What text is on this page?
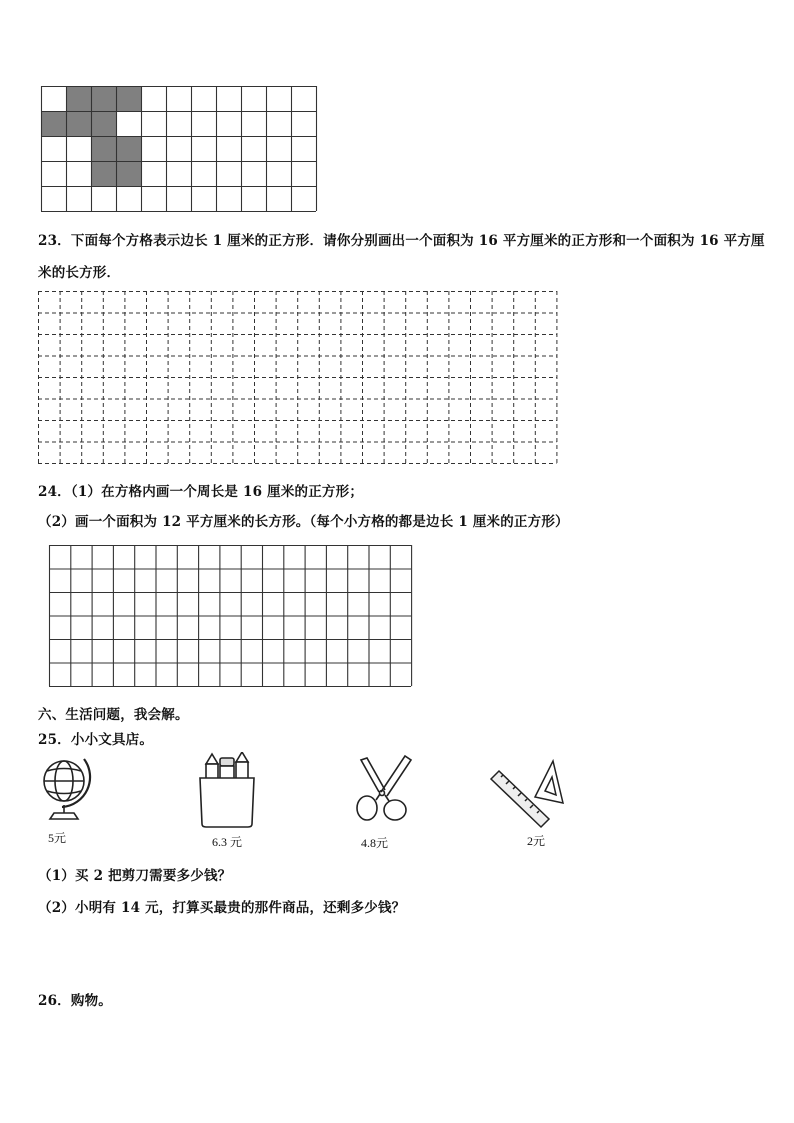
23．下面每个方格表示边长 1 厘米的正方形．请你分别画出一个面积为 16 平方厘米的正方形和一个面积为 16 平方厘
米的长方形．
24．（1）在方格内画一个周长是 16 厘米的正方形；
（2）画一个面积为 12 平方厘米的长方形。（每个小方格的都是边长 1 厘米的正方形）
六、生活问题，我会解。
25．小小文具店。
5元	6.3 元	4.8元	2元
（1）买 2 把剪刀需要多少钱？
（2）小明有 14 元，打算买最贵的那件商品，还剩多少钱？
26．购物。
